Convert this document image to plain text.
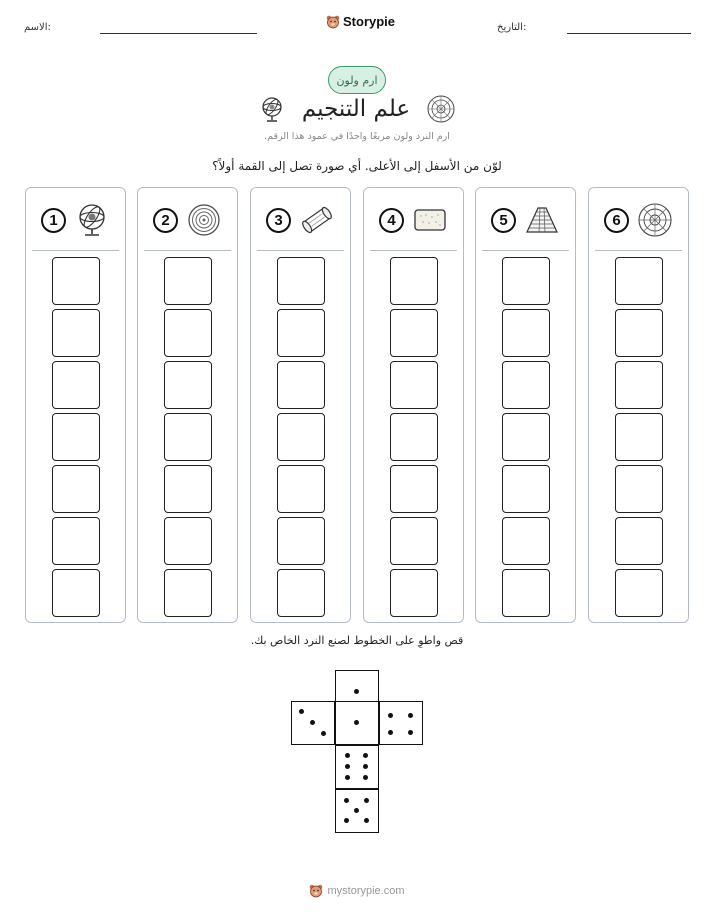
الاسم:	Storypie	التاريخ:
ارم ولون
علم التنجيم
ارم النرد ولون مربعًا واحدًا في عمود هذا الرقم.
لوّن من الأسفل إلى الأعلى. أي صورة تصل إلى القمة أولاً؟
1	2	3	4	5	6
قص واطوِ على الخطوط لصنع النرد الخاص بك.
mystorypie.com
